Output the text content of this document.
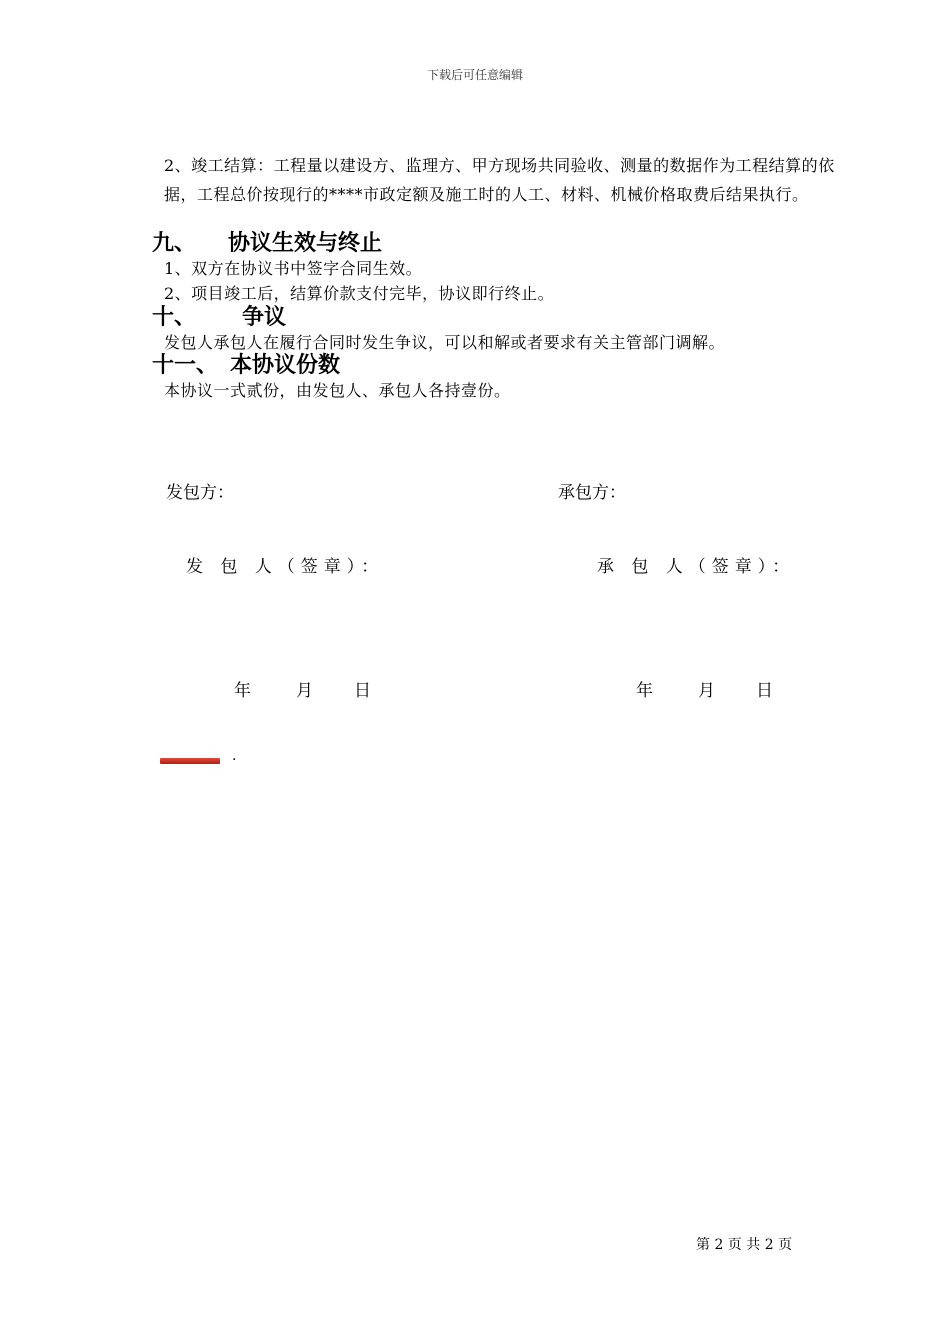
下载后可任意编辑
2、竣工结算：工程量以建设方、监理方、甲方现场共同验收、测量的数据作为工程结算的依据，工程总价按现行的****市政定额及施工时的人工、材料、机械价格取费后结果执行。
九、 协议生效与终止
1、双方在协议书中签字合同生效。
2、项目竣工后，结算价款支付完毕，协议即行终止。
十、 争议
发包人承包人在履行合同时发生争议，可以和解或者要求有关主管部门调解。
十一、 本协议份数
本协议一式贰份，由发包人、承包人各持壹份。
发包方：	承包方：
发 包 人（签章）：	承 包 人（签章）：
年	月 日	年	月 日
.
第 2 页 共 2 页
